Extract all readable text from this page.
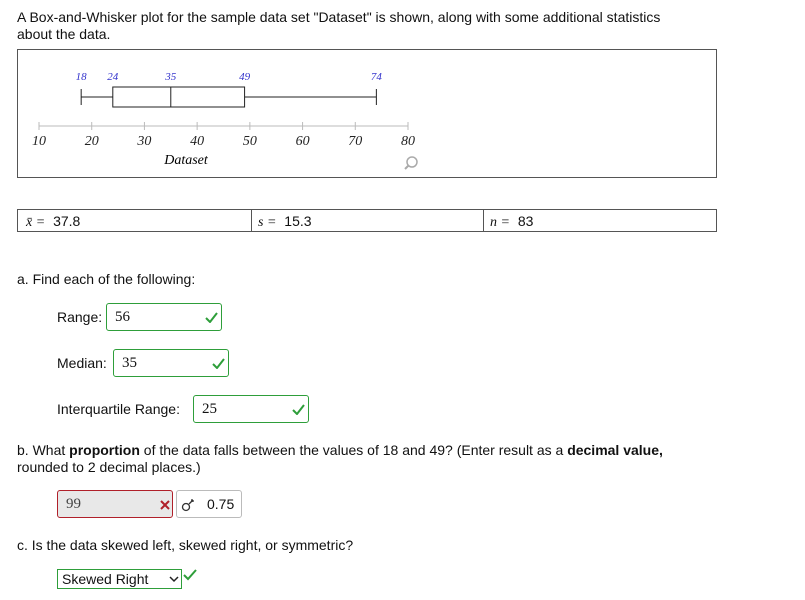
A Box-and-Whisker plot for the sample data set "Dataset" is shown, along with some additional statistics
about the data.
18 24	35	49	74
10	20	30	40	50	60	70	80
Dataset
x̄ = 37.8	s = 15.3	n = 83
a. Find each of the following:
Range: 56
Median: 35
Interquartile Range: 25
b. What proportion of the data falls between the values of 18 and 49? (Enter result as a decimal value,
rounded to 2 decimal places.)
99	0.75
c. Is the data skewed left, skewed right, or symmetric?
Skewed Right
